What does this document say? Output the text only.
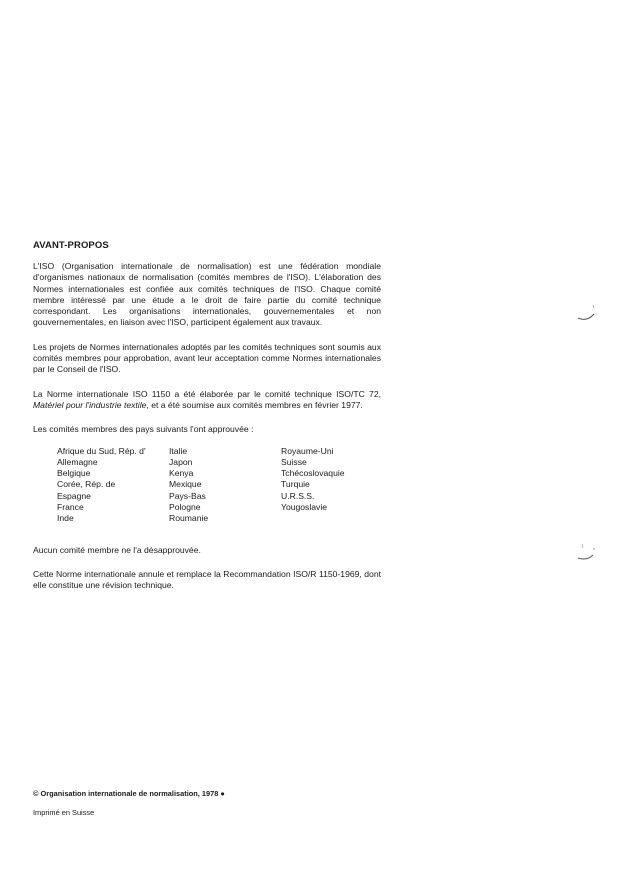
AVANT-PROPOS

L'ISO (Organisation internationale de normalisation) est une fédération mondiale d'organismes nationaux de normalisation (comités membres de l'ISO). L'élaboration des Normes internationales est confiée aux comités techniques de l'ISO. Chaque comité membre intéressé par une étude a le droit de faire partie du comité technique correspondant. Les organisations internationales, gouvernementales et non gouvernementales, en liaison avec l'ISO, participent également aux travaux.

Les projets de Normes internationales adoptés par les comités techniques sont soumis aux comités membres pour approbation, avant leur acceptation comme Normes internationales par le Conseil de l'ISO.

La Norme internationale ISO 1150 a été élaborée par le comité technique ISO/TC 72, Matériel pour l'industrie textile, et a été soumise aux comités membres en février 1977.

Les comités membres des pays suivants l'ont approuvée :

Afrique du Sud, Rép. d'
Allemagne
Belgique
Corée, Rép. de
Espagne
France
Inde
Italie
Japon
Kenya
Mexique
Pays-Bas
Pologne
Roumanie
Royaume-Uni
Suisse
Tchécoslovaquie
Turquie
U.R.S.S.
Yougoslavie

Aucun comité membre ne l'a désapprouvée.

Cette Norme internationale annule et remplace la Recommandation ISO/R 1150-1969, dont elle constitue une révision technique.

© Organisation internationale de normalisation, 1978 ●
Imprimé en Suisse
